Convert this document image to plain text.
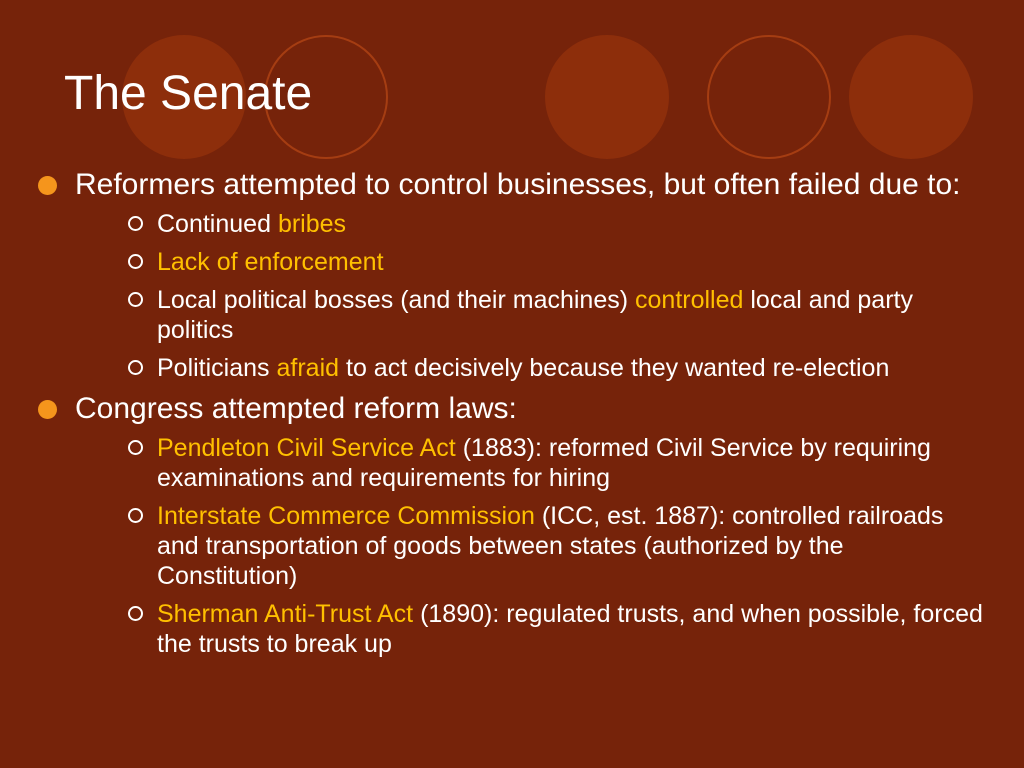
The Senate
Reformers attempted to control businesses, but often failed due to:
Continued bribes
Lack of enforcement
Local political bosses (and their machines) controlled local and party politics
Politicians afraid to act decisively because they wanted re-election
Congress attempted reform laws:
Pendleton Civil Service Act (1883): reformed Civil Service by requiring examinations and requirements for hiring
Interstate Commerce Commission (ICC, est. 1887): controlled railroads and transportation of goods between states (authorized by the Constitution)
Sherman Anti-Trust Act (1890): regulated trusts, and when possible, forced the trusts to break up
